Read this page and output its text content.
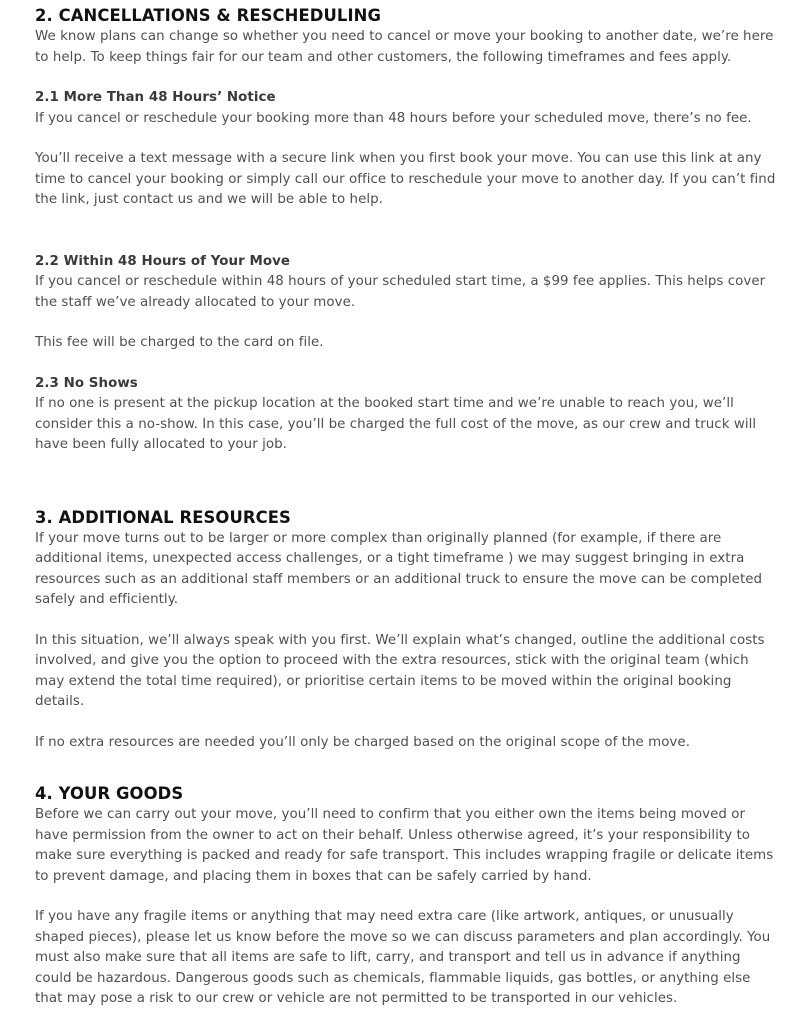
2. CANCELLATIONS & RESCHEDULING

We know plans can change so whether you need to cancel or move your booking to another date, we’re here to help. To keep things fair for our team and other customers, the following timeframes and fees apply.

2.1 More Than 48 Hours’ Notice

If you cancel or reschedule your booking more than 48 hours before your scheduled move, there’s no fee.

You’ll receive a text message with a secure link when you first book your move. You can use this link at any time to cancel your booking or simply call our office to reschedule your move to another day. If you can’t find the link, just contact us and we will be able to help.

2.2 Within 48 Hours of Your Move

If you cancel or reschedule within 48 hours of your scheduled start time, a $99 fee applies. This helps cover the staff we’ve already allocated to your move.

This fee will be charged to the card on file.

2.3 No Shows

If no one is present at the pickup location at the booked start time and we’re unable to reach you, we’ll consider this a no-show. In this case, you’ll be charged the full cost of the move, as our crew and truck will have been fully allocated to your job.

3. ADDITIONAL RESOURCES

If your move turns out to be larger or more complex than originally planned (for example, if there are additional items, unexpected access challenges, or a tight timeframe ) we may suggest bringing in extra resources such as an additional staff members or an additional truck to ensure the move can be completed safely and efficiently.

In this situation, we’ll always speak with you first. We’ll explain what’s changed, outline the additional costs involved, and give you the option to proceed with the extra resources, stick with the original team (which may extend the total time required), or prioritise certain items to be moved within the original booking details.

If no extra resources are needed you’ll only be charged based on the original scope of the move.

4. YOUR GOODS

Before we can carry out your move, you’ll need to confirm that you either own the items being moved or have permission from the owner to act on their behalf. Unless otherwise agreed, it’s your responsibility to make sure everything is packed and ready for safe transport. This includes wrapping fragile or delicate items to prevent damage, and placing them in boxes that can be safely carried by hand.

If you have any fragile items or anything that may need extra care (like artwork, antiques, or unusually shaped pieces), please let us know before the move so we can discuss parameters and plan accordingly. You must also make sure that all items are safe to lift, carry, and transport and tell us in advance if anything could be hazardous. Dangerous goods such as chemicals, flammable liquids, gas bottles, or anything else that may pose a risk to our crew or vehicle are not permitted to be transported in our vehicles.
